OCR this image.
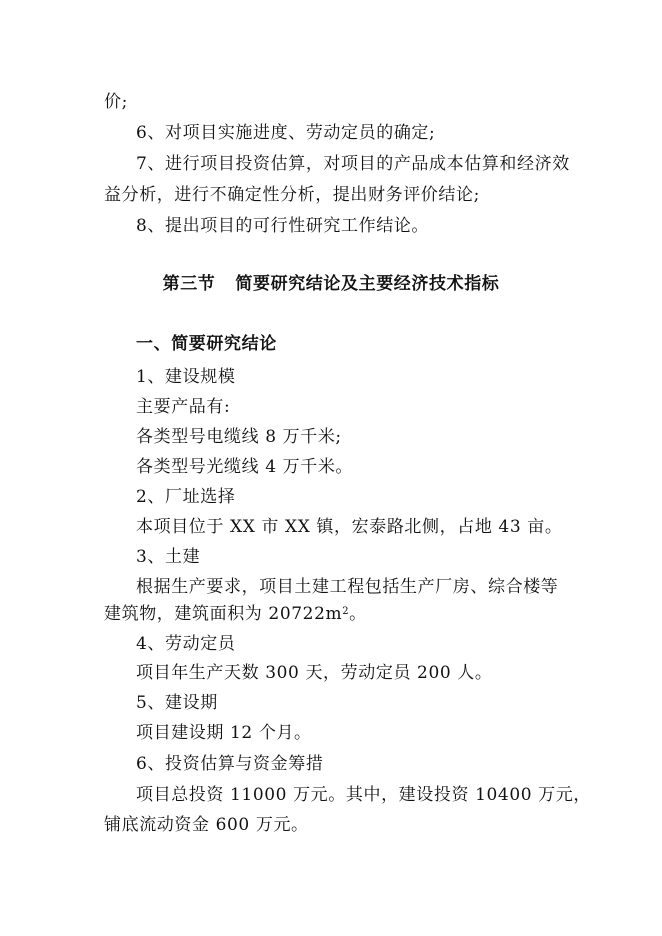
价;
6、对项目实施进度、劳动定员的确定;
7、进行项目投资估算，对项目的产品成本估算和经济效
益分析，进行不确定性分析，提出财务评价结论;
8、提出项目的可行性研究工作结论。
第三节 简要研究结论及主要经济技术指标
一、简要研究结论
1、建设规模
主要产品有:
各类型号电缆线 8 万千米;
各类型号光缆线 4 万千米。
2、厂址选择
本项目位于 XX 市 XX 镇，宏泰路北侧，占地 43 亩。
3、土建
根据生产要求，项目土建工程包括生产厂房、综合楼等
建筑物，建筑面积为 $20722m^2$。
4、劳动定员
项目年生产天数 300 天，劳动定员 200 人。
5、建设期
项目建设期 12 个月。
6、投资估算与资金筹措
项目总投资 11000 万元。其中，建设投资 10400 万元，
铺底流动资金 600 万元。
